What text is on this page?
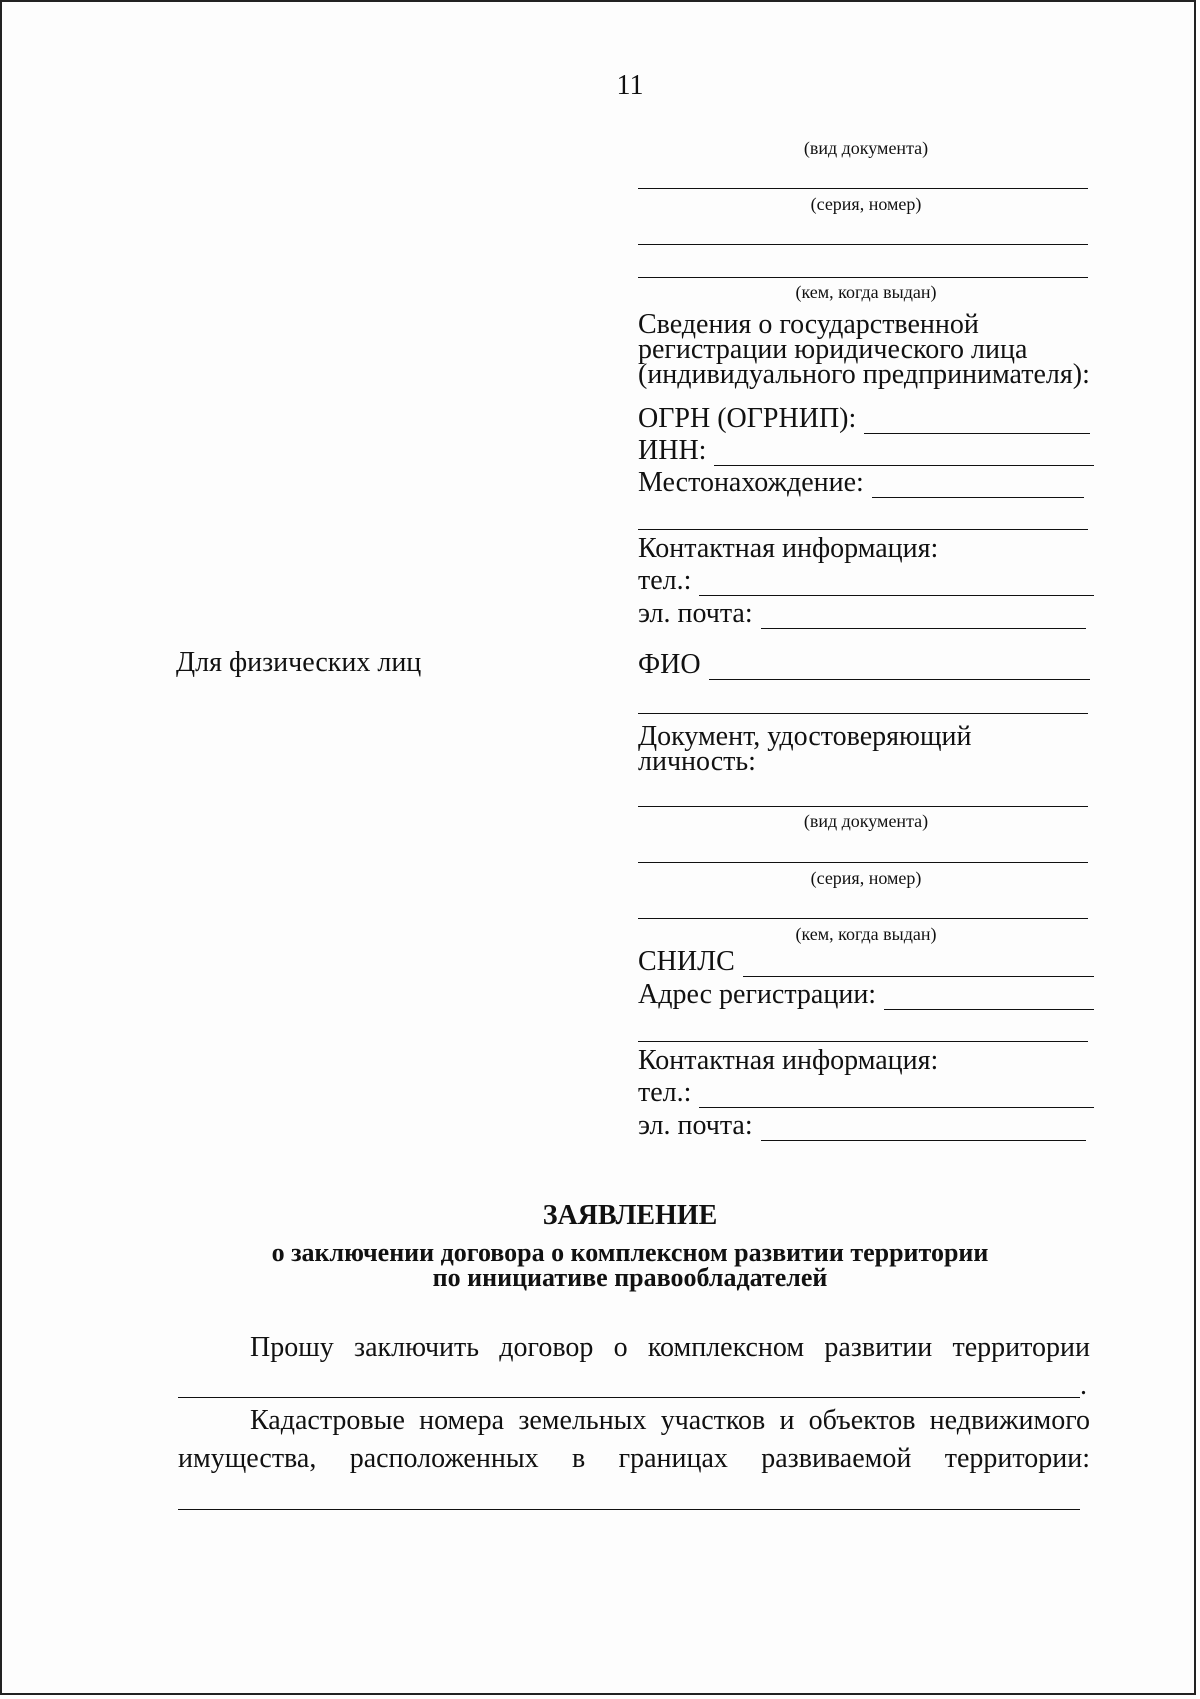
11
(вид документа)
(серия, номер)
(кем, когда выдан)
Сведения о государственной
регистрации юридического лица
(индивидуального предпринимателя):
ОГРН (ОГРНИП):
ИНН:
Местонахождение:
Контактная информация:
тел.:
эл. почта:
Для физических лиц	ФИО
Документ, удостоверяющий
личность:
(вид документа)
(серия, номер)
(кем, когда выдан)
СНИЛС
Адрес регистрации:
Контактная информация:
тел.:
эл. почта:
ЗАЯВЛЕНИЕ
о заключении договора о комплексном развитии территории
по инициативе правообладателей
Прошу заключить договор о комплексном развитии территории
.
Кадастровые номера земельных участков и объектов недвижимого
имущества, расположенных в границах развиваемой территории:
